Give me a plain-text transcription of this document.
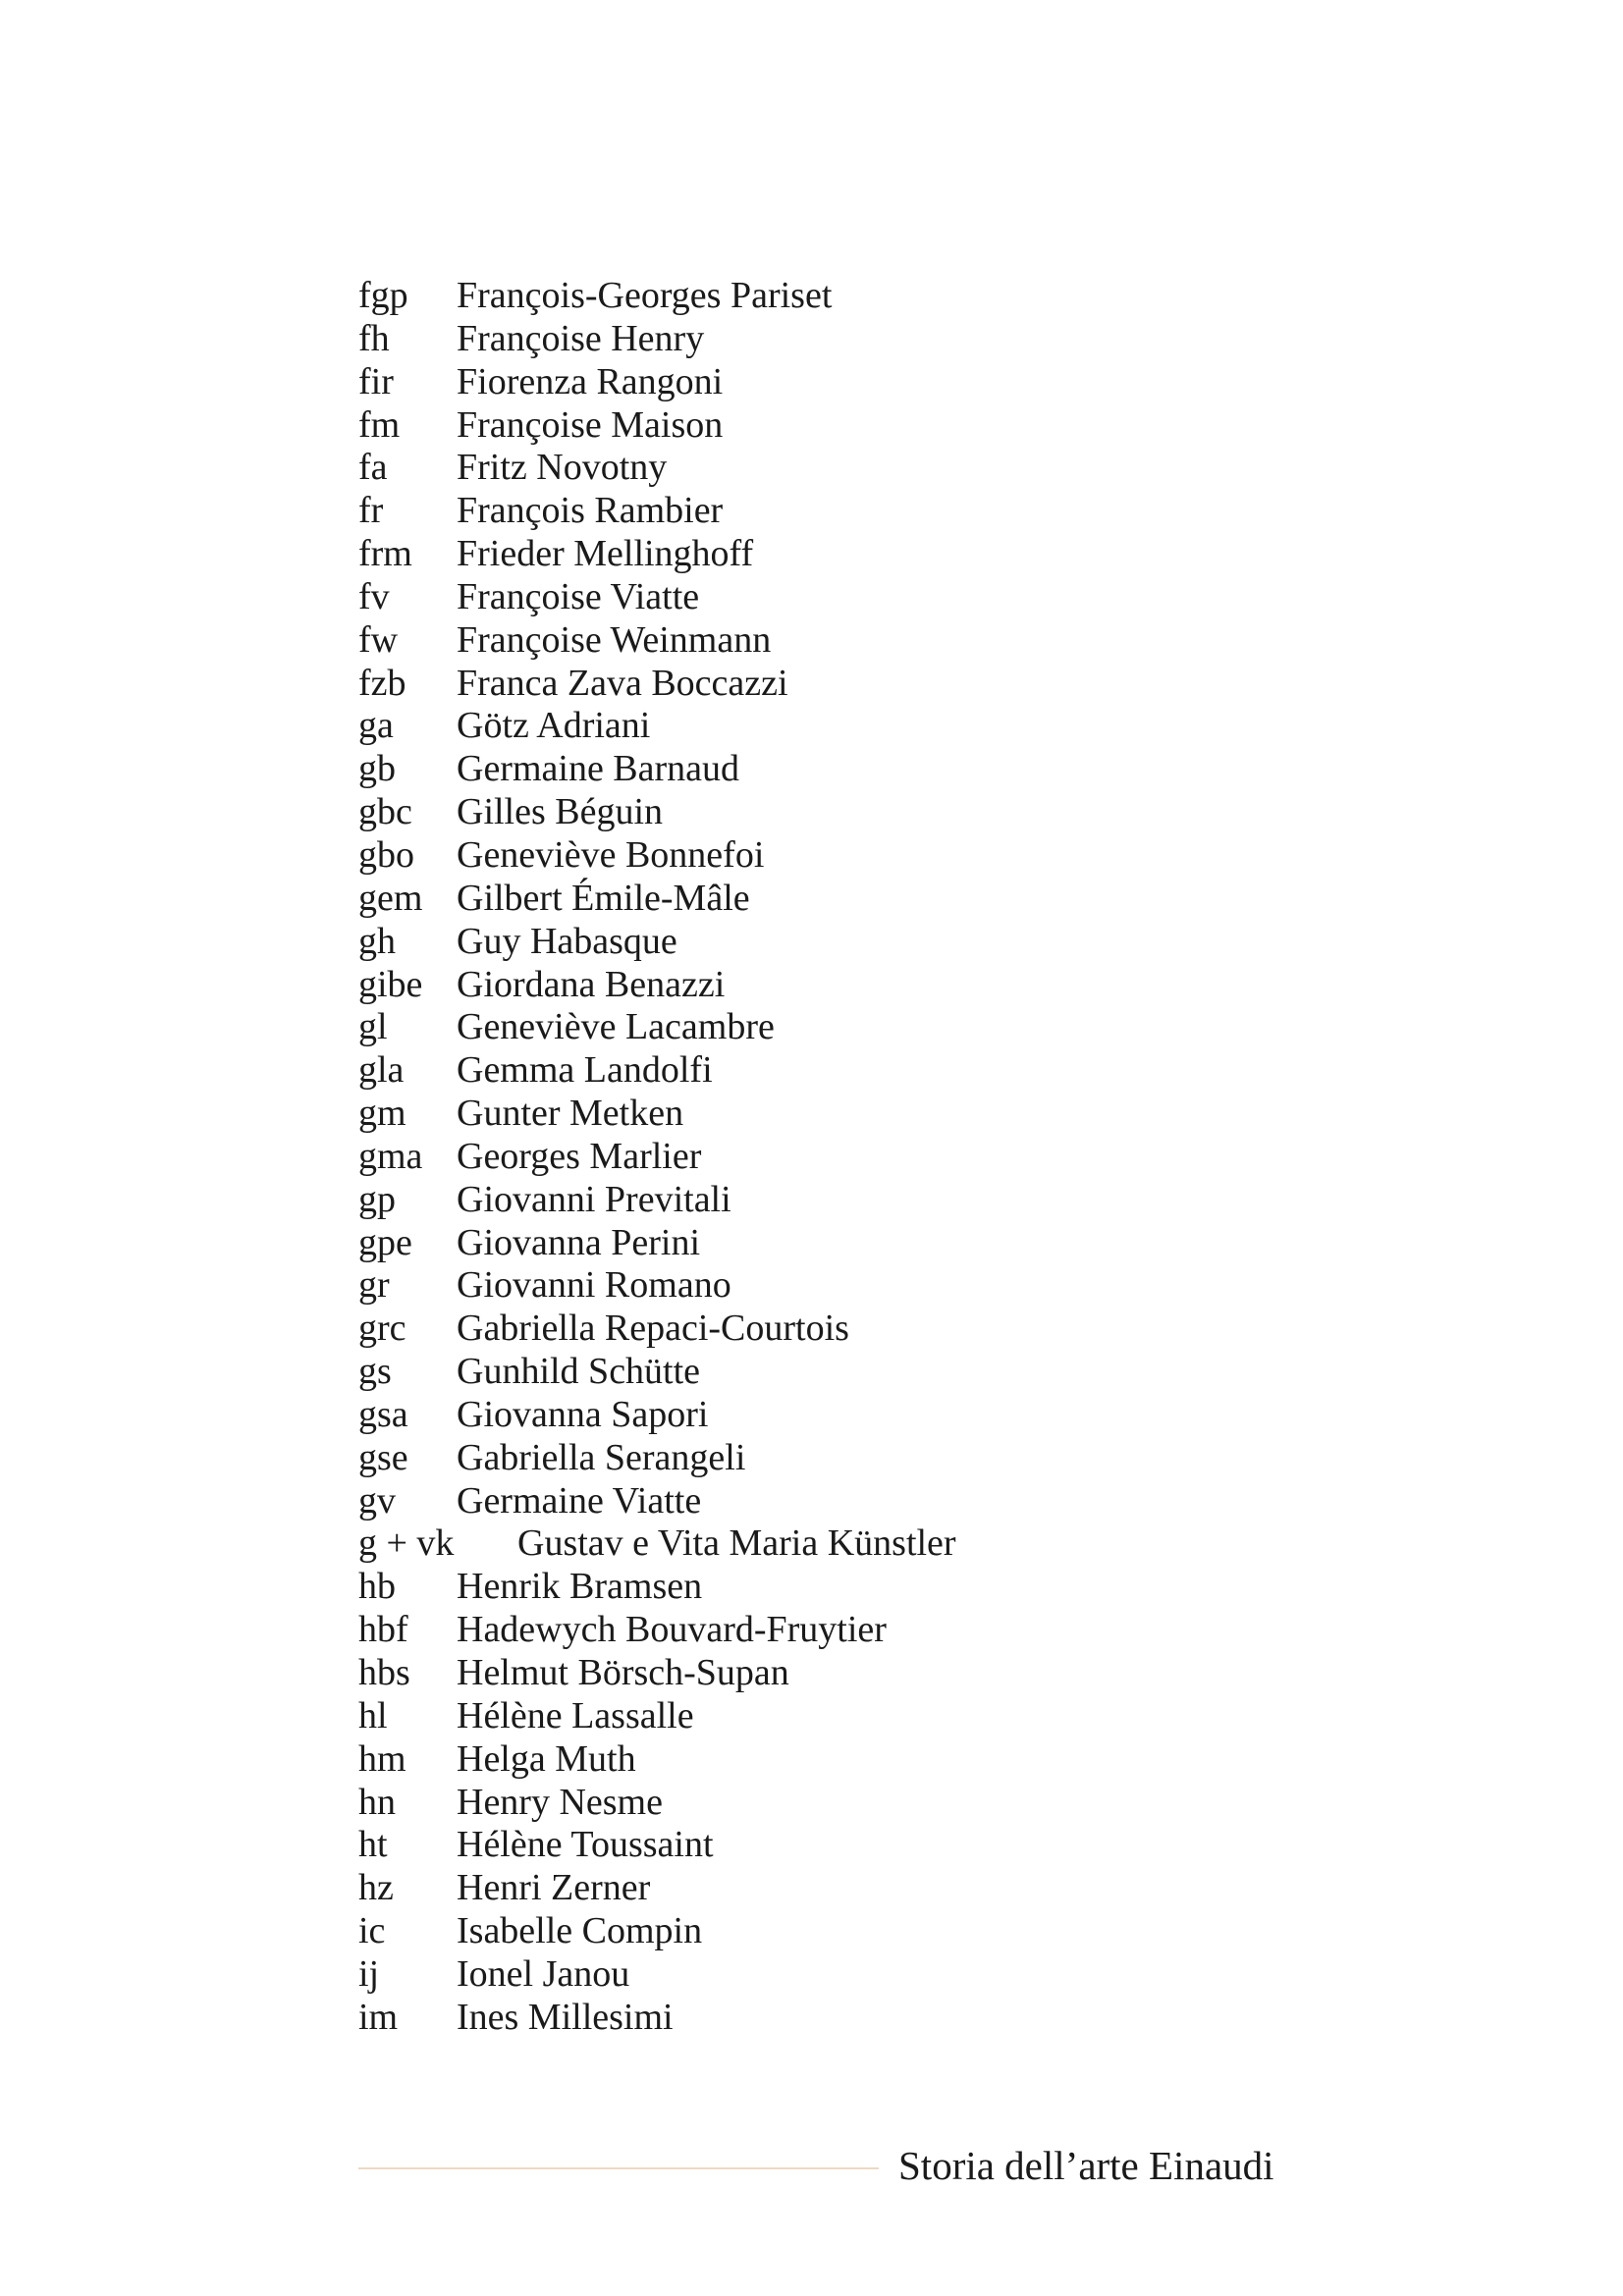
fgp François-Georges Pariset
fh Françoise Henry
fir Fiorenza Rangoni
fm Françoise Maison
fa Fritz Novotny
fr François Rambier
frm Frieder Mellinghoff
fv Françoise Viatte
fw Françoise Weinmann
fzb Franca Zava Boccazzi
ga Götz Adriani
gb Germaine Barnaud
gbc Gilles Béguin
gbo Geneviève Bonnefoi
gem Gilbert Émile-Mâle
gh Guy Habasque
gibe Giordana Benazzi
gl Geneviève Lacambre
gla Gemma Landolfi
gm Gunter Metken
gma Georges Marlier
gp Giovanni Previtali
gpe Giovanna Perini
gr Giovanni Romano
grc Gabriella Repaci-Courtois
gs Gunhild Schütte
gsa Giovanna Sapori
gse Gabriella Serangeli
gv Germaine Viatte
g + vk Gustav e Vita Maria Künstler
hb Henrik Bramsen
hbf Hadewych Bouvard-Fruytier
hbs Helmut Börsch-Supan
hl Hélène Lassalle
hm Helga Muth
hn Henry Nesme
ht Hélène Toussaint
hz Henri Zerner
ic Isabelle Compin
ij Ionel Janou
im Ines Millesimi
Storia dell’arte Einaudi
